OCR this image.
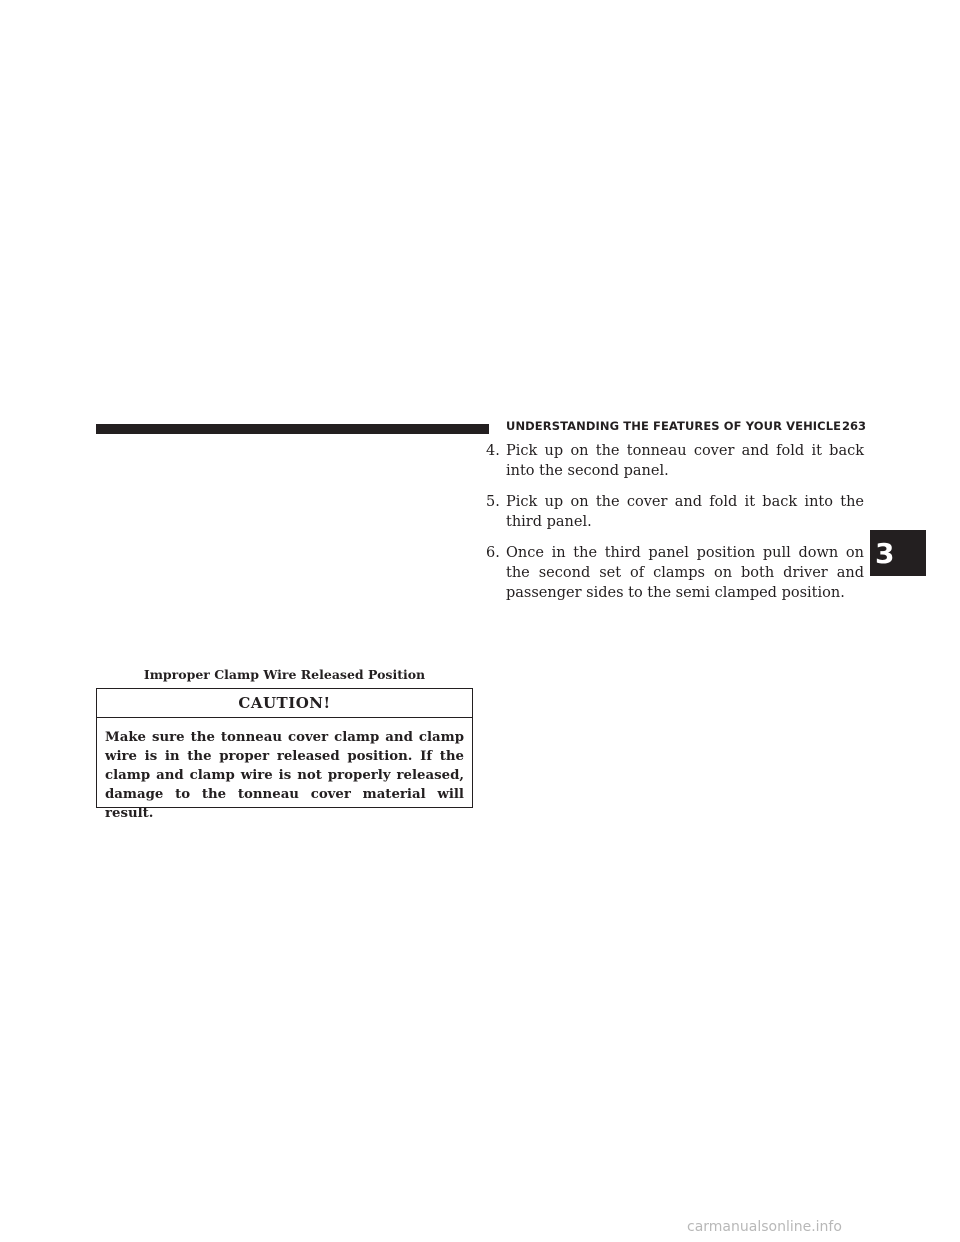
UNDERSTANDING THE FEATURES OF YOUR VEHICLE 263
4. Pick up on the tonneau cover and fold it back into the second panel.
5. Pick up on the cover and fold it back into the third panel.
6. Once in the third panel position pull down on the second set of clamps on both driver and passenger sides to the semi clamped position.
3
Improper Clamp Wire Released Position
CAUTION!
Make sure the tonneau cover clamp and clamp wire is in the proper released position. If the clamp and clamp wire is not properly released, damage to the tonneau cover material will result.
carmanualsonline.info
